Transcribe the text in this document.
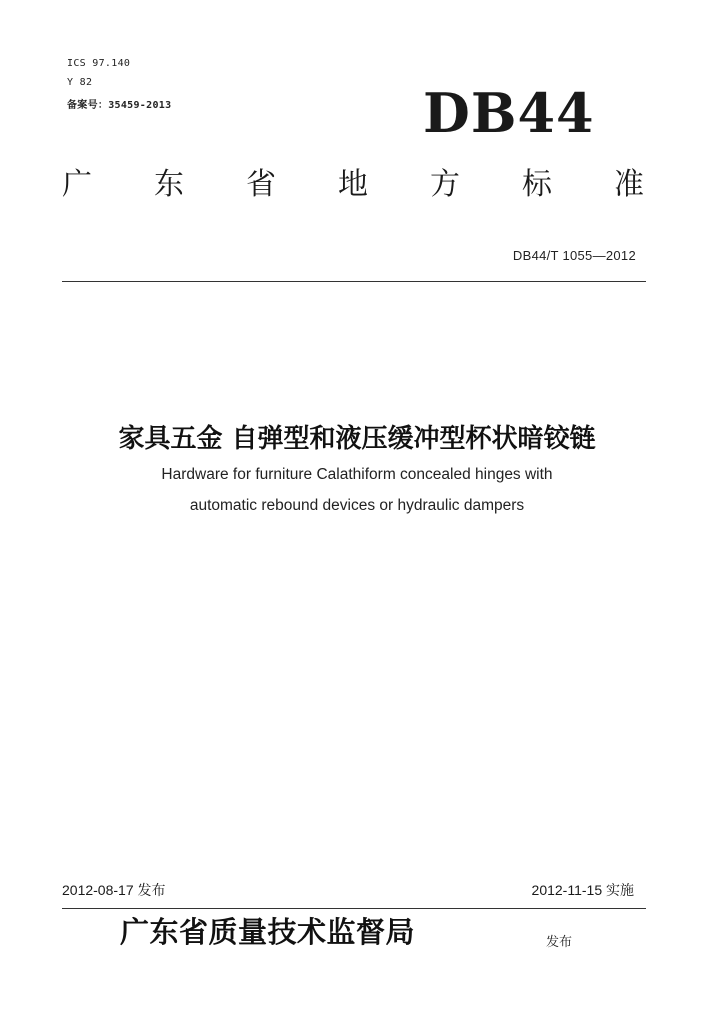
ICS 97.140
Y 82
备案号：35459-2013	DB44
广 东 省 地 方 标 准
DB44/T 1055—2012
家具五金 自弹型和液压缓冲型杯状暗铰链
Hardware for furniture Calathiform concealed hinges with
automatic rebound devices or hydraulic dampers
2012-08-17 发布	2012-11-15 实施
广东省质量技术监督局	发布
